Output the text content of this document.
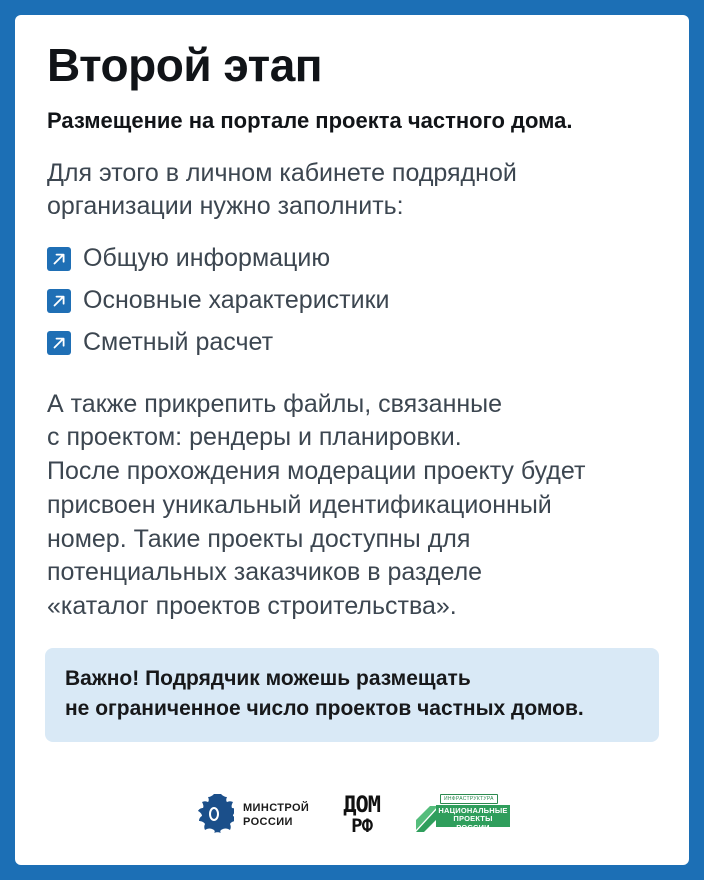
Второй этап
Размещение на портале проекта частного дома.

Для этого в личном кабинете подрядной организации нужно заполнить:

Общую информацию
Основные характеристики
Сметный расчет
А также прикрепить файлы, связанные
с проектом: рендеры и планировки.
После прохождения модерации проекту будет
присвоен уникальный идентификационный
номер. Такие проекты доступны для
потенциальных заказчиков в разделе
«каталог проектов строительства».
Важно! Подрядчик можешь размещать
не ограниченное число проектов частных домов.
МИНСТРОЙ
РОССИИ
ДОМ
РФ
ИНФРАСТРУКТУРА
НАЦИОНАЛЬНЫЕ
ПРОЕКТЫ
РОССИИ
